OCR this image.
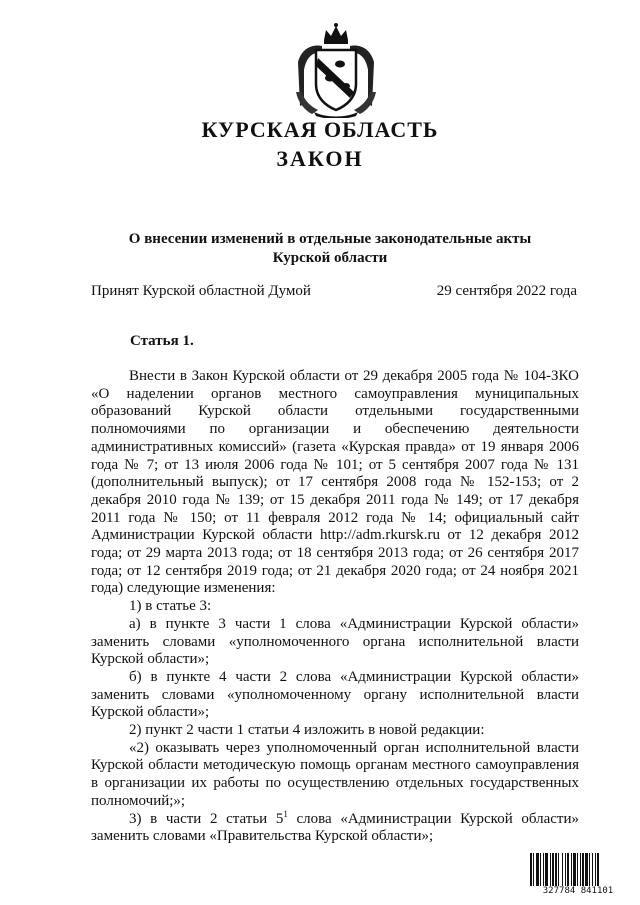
КУРСКАЯ ОБЛАСТЬ
ЗАКОН
О внесении изменений в отдельные законодательные акты
Курской области
Принят Курской областной Думой	29 сентября 2022 года
Статья 1.

Внести в Закон Курской области от 29 декабря 2005 года № 104-ЗКО «О наделении органов местного самоуправления муниципальных образований Курской области отдельными государственными полномочиями по организации и обеспечению деятельности административных комиссий» (газета «Курская правда» от 19 января 2006 года № 7; от 13 июля 2006 года № 101; от 5 сентября 2007 года № 131 (дополнительный выпуск); от 17 сентября 2008 года № 152-153; от 2 декабря 2010 года № 139; от 15 декабря 2011 года № 149; от 17 декабря 2011 года № 150; от 11 февраля 2012 года № 14; официальный сайт Администрации Курской области http://adm.rkursk.ru от 12 декабря 2012 года; от 29 марта 2013 года; от 18 сентября 2013 года; от 26 сентября 2017 года; от 12 сентября 2019 года; от 21 декабря 2020 года; от 24 ноября 2021 года) следующие изменения:

1) в статье 3:

а) в пункте 3 части 1 слова «Администрации Курской области» заменить словами «уполномоченного органа исполнительной власти Курской области»;

б) в пункте 4 части 2 слова «Администрации Курской области» заменить словами «уполномоченному органу исполнительной власти Курской области»;

2) пункт 2 части 1 статьи 4 изложить в новой редакции:

«2) оказывать через уполномоченный орган исполнительной власти Курской области методическую помощь органам местного самоуправления в организации их работы по осуществлению отдельных государственных полномочий;»;

3) в части 2 статьи $5^1$ слова «Администрации Курской области» заменить словами «Правительства Курской области»;

327784 841101
